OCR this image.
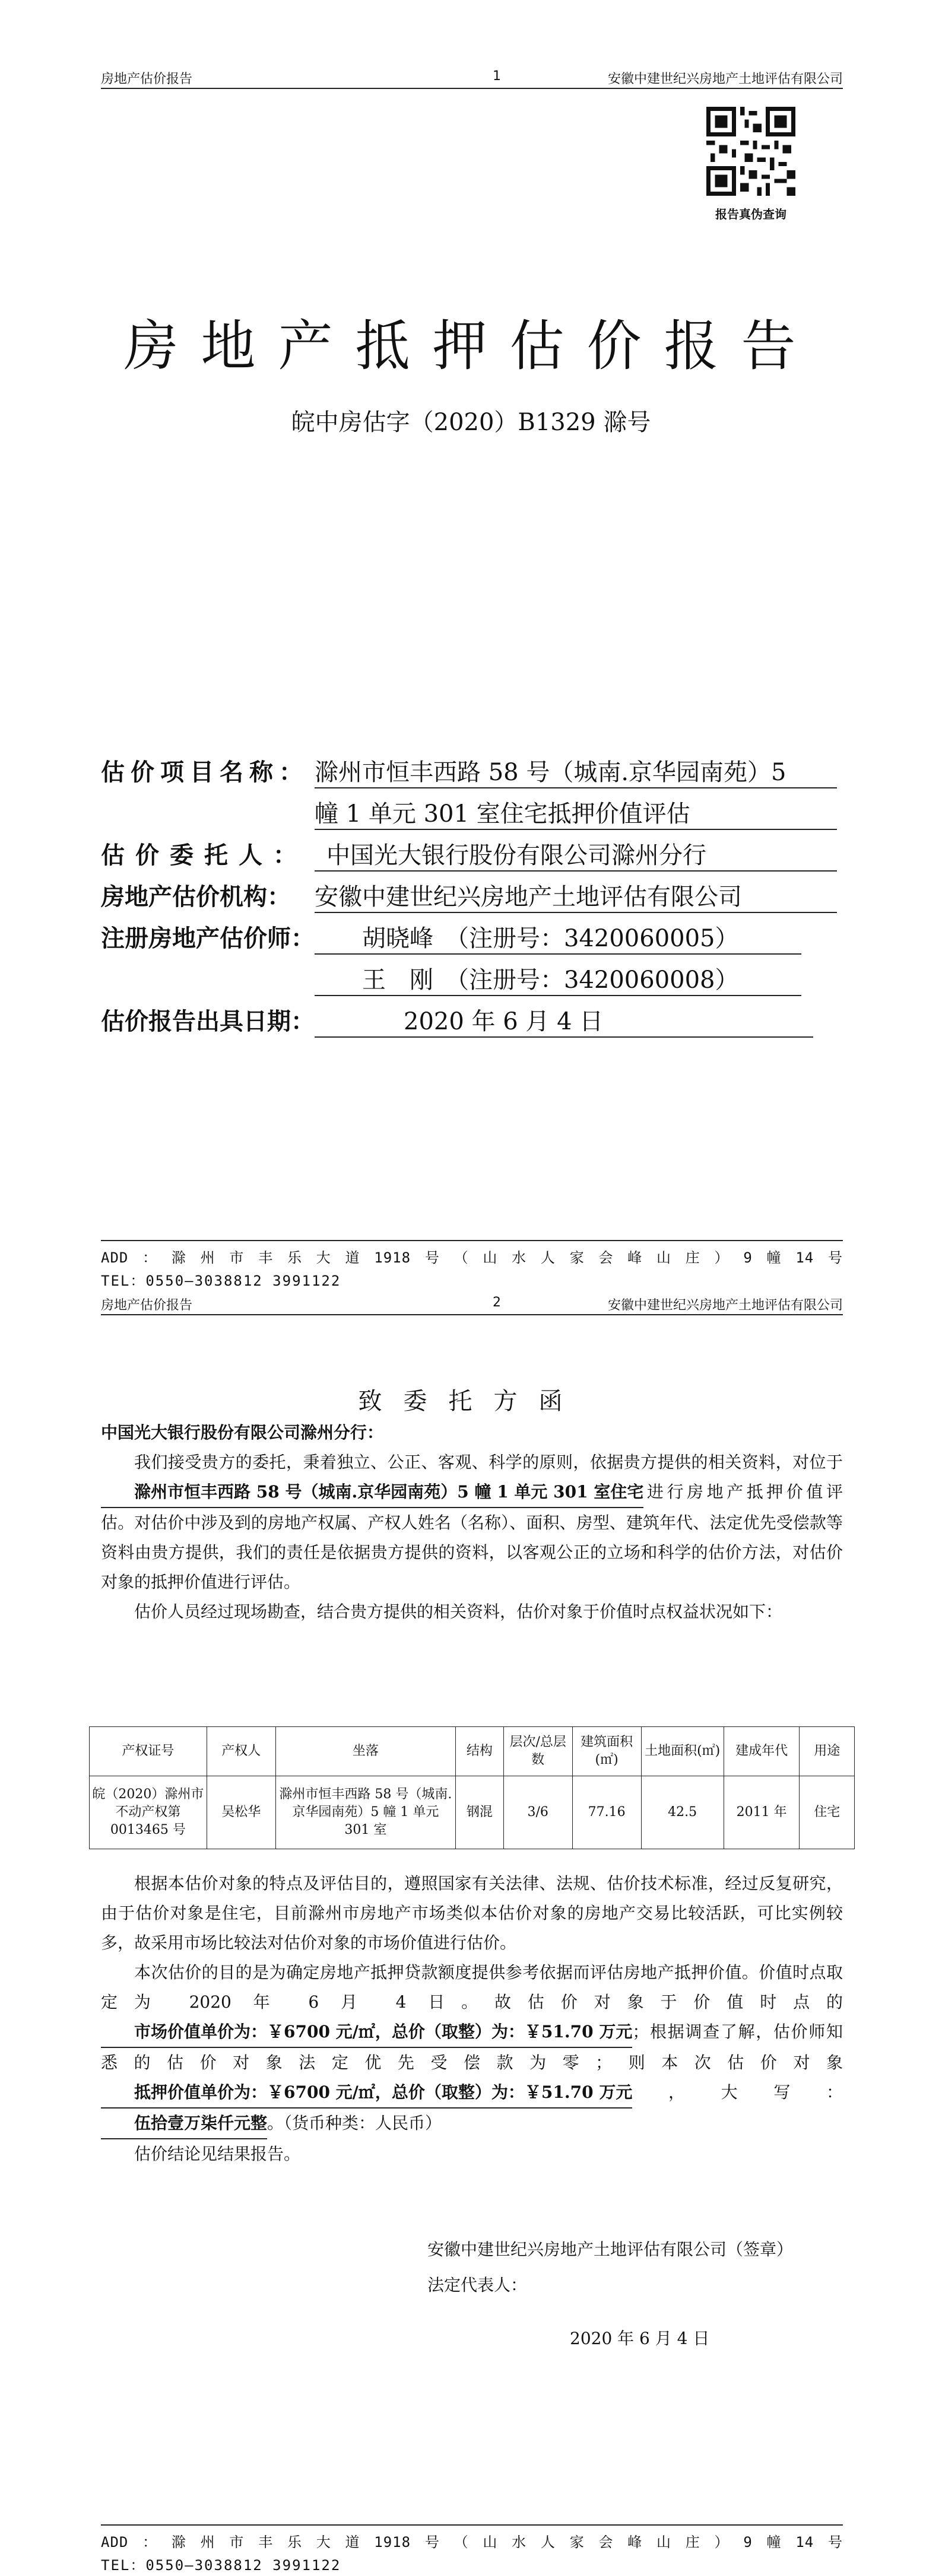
房地产估价报告	1	安徽中建世纪兴房地产土地评估有限公司
报告真伪查询
房地产抵押估价报告
皖中房估字（2020）B1329 滁号
估价项目名称： 滁州市恒丰西路 58 号（城南.京华园南苑）5
幢 1 单元 301 室住宅抵押价值评估
估价委托人： 中国光大银行股份有限公司滁州分行
房地产估价机构： 安徽中建世纪兴房地产土地评估有限公司
注册房地产估价师：	胡晓峰　（注册号：3420060005）
王　刚　（注册号：3420060008）
估价报告出具日期：	2020 年 6 月 4 日
ADD：滁州市丰乐大道1918号（山水人家会峰山庄）9幢14号
TEL：0550—3038812 3991122
房地产估价报告	2	安徽中建世纪兴房地产土地评估有限公司
致委托方函

中国光大银行股份有限公司滁州分行：

我们接受贵方的委托，秉着独立、公正、客观、科学的原则，依据贵方提供的相关资料，对位于滁州市恒丰西路 58 号（城南.京华园南苑）5 幢 1 单元 301 室住宅进行房地产抵押价值评估。对估价中涉及到的房地产权属、产权人姓名（名称）、面积、房型、建筑年代、法定优先受偿款等资料由贵方提供，我们的责任是依据贵方提供的资料，以客观公正的立场和科学的估价方法，对估价对象的抵押价值进行评估。

估价人员经过现场勘查，结合贵方提供的相关资料，估价对象于价值时点权益状况如下：

产权证号	产权人	坐落	结构	层次/总层数	建筑面积(㎡)	土地面积(㎡)	建成年代	用途
皖（2020）滁州市不动产权第 0013465 号	吴松华	滁州市恒丰西路 58 号（城南.京华园南苑）5 幢 1 单元 301 室	钢混	3/6	77.16	42.5	2011 年	住宅

根据本估价对象的特点及评估目的，遵照国家有关法律、法规、估价技术标准，经过反复研究，由于估价对象是住宅，目前滁州市房地产市场类似本估价对象的房地产交易比较活跃，可比实例较多，故采用市场比较法对估价对象的市场价值进行估价。

本次估价的目的是为确定房地产抵押贷款额度提供参考依据而评估房地产抵押价值。价值时点取定为 2020 年 6 月 4 日。故估价对象于价值时点的市场价值单价为：￥6700 元/㎡，总价（取整）为：￥51.70 万元；根据调查了解，估价师知悉的估价对象法定优先受偿款为零；则本次估价对象抵押价值单价为：￥6700 元/㎡，总价（取整）为：￥51.70 万元，大写：伍拾壹万柒仟元整。（货币种类：人民币）

估价结论见结果报告。

安徽中建世纪兴房地产土地评估有限公司（签章）
法定代表人：
2020 年 6 月 4 日
ADD：滁州市丰乐大道1918号（山水人家会峰山庄）9幢14号
TEL：0550—3038812 3991122
